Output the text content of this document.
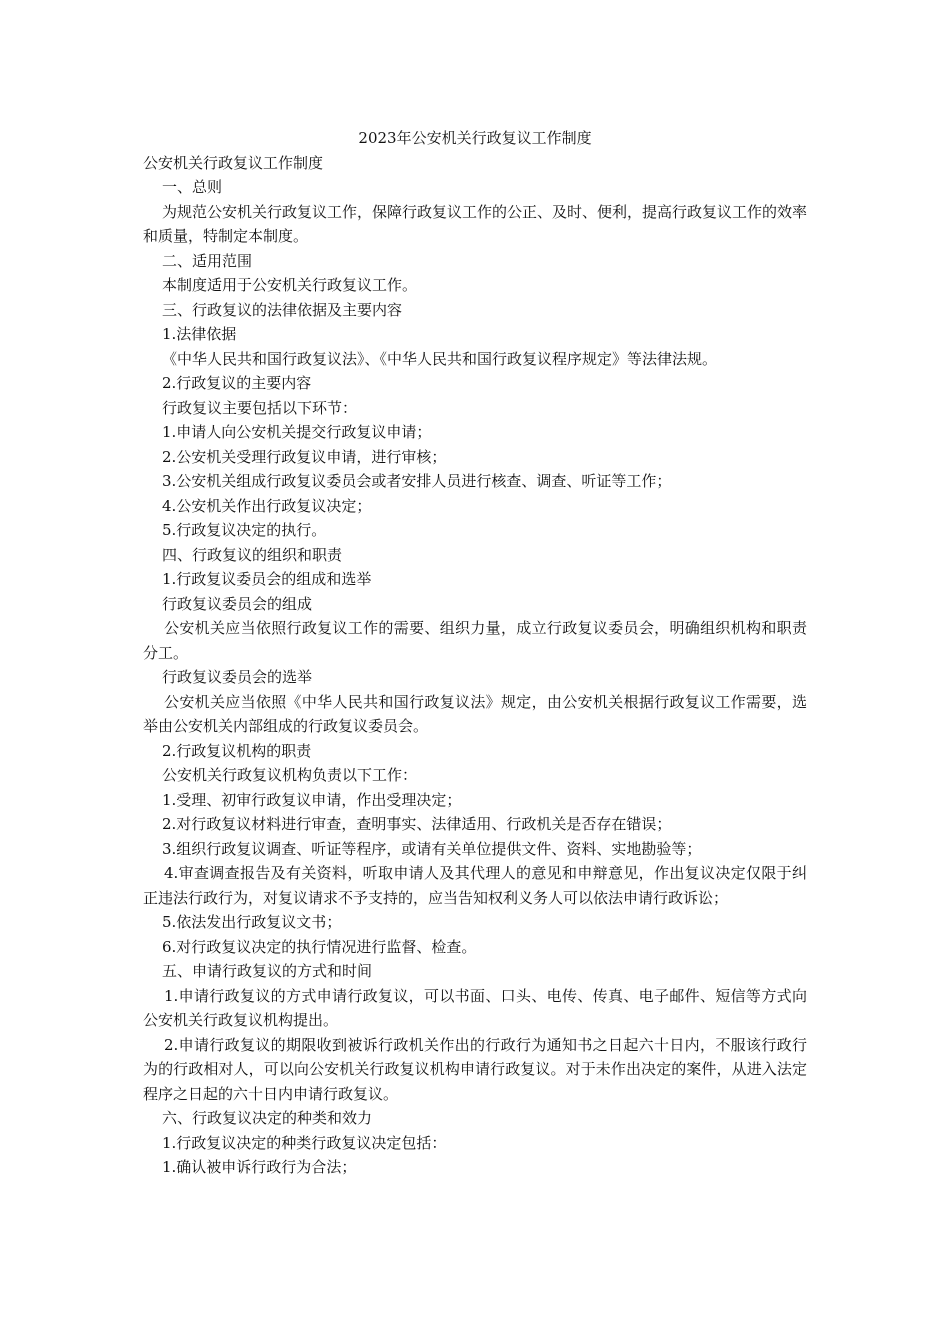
2023年公安机关行政复议工作制度

公安机关行政复议工作制度

一、总则

为规范公安机关行政复议工作，保障行政复议工作的公正、及时、便利，提高行政复议工作的效率和质量，特制定本制度。

二、适用范围

本制度适用于公安机关行政复议工作。

三、行政复议的法律依据及主要内容

1.法律依据

《中华人民共和国行政复议法》、《中华人民共和国行政复议程序规定》等法律法规。

2.行政复议的主要内容

行政复议主要包括以下环节：

1.申请人向公安机关提交行政复议申请；

2.公安机关受理行政复议申请，进行审核；

3.公安机关组成行政复议委员会或者安排人员进行核查、调查、听证等工作；

4.公安机关作出行政复议决定；

5.行政复议决定的执行。

四、行政复议的组织和职责

1.行政复议委员会的组成和选举

行政复议委员会的组成

公安机关应当依照行政复议工作的需要、组织力量，成立行政复议委员会，明确组织机构和职责分工。

行政复议委员会的选举

公安机关应当依照《中华人民共和国行政复议法》规定，由公安机关根据行政复议工作需要，选举由公安机关内部组成的行政复议委员会。

2.行政复议机构的职责

公安机关行政复议机构负责以下工作：

1.受理、初审行政复议申请，作出受理决定；

2.对行政复议材料进行审查，查明事实、法律适用、行政机关是否存在错误；

3.组织行政复议调查、听证等程序，或请有关单位提供文件、资料、实地勘验等；

4.审查调查报告及有关资料，听取申请人及其代理人的意见和申辩意见，作出复议决定仅限于纠正违法行政行为，对复议请求不予支持的，应当告知权利义务人可以依法申请行政诉讼；

5.依法发出行政复议文书；

6.对行政复议决定的执行情况进行监督、检查。

五、申请行政复议的方式和时间

1.申请行政复议的方式申请行政复议，可以书面、口头、电传、传真、电子邮件、短信等方式向公安机关行政复议机构提出。

2.申请行政复议的期限收到被诉行政机关作出的行政行为通知书之日起六十日内，不服该行政行为的行政相对人，可以向公安机关行政复议机构申请行政复议。对于未作出决定的案件，从进入法定程序之日起的六十日内申请行政复议。

六、行政复议决定的种类和效力

1.行政复议决定的种类行政复议决定包括：

1.确认被申诉行政行为合法；
